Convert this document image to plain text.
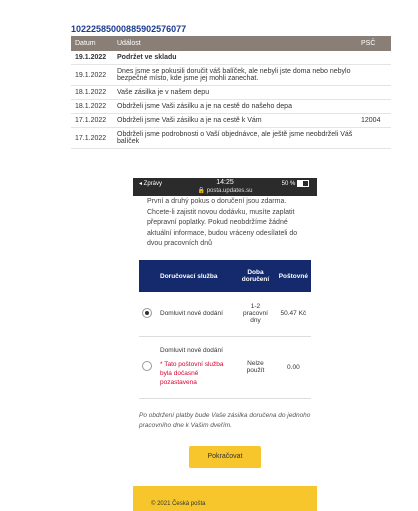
10222585000885902576077
Datum	Událost	PSČ
19.1.2022	Podržet ve skladu	
19.1.2022	Dnes jsme se pokusili doručit váš balíček, ale nebyli jste doma nebo nebylo bezpečné místo, kde jsme jej mohli zanechat.	
18.1.2022	Vaše zásilka je v našem depu	
18.1.2022	Obdrželi jsme Vaši zásilku a je na cestě do našeho depa	
17.1.2022	Obdrželi jsme Vaši zásilku a je na cestě k Vám	12004
17.1.2022	Obdrželi jsme podrobnosti o Vaší objednávce, ale ještě jsme neobdrželi Váš balíček	
◂ Zprávy	14:25
🔒 posta.updates.su
50 %
První a druhý pokus o doručení jsou zdarma. Chcete-li zajistit novou dodávku, musíte zaplatit přepravní poplatky. Pokud neobdržíme žádné aktuální informace, budou vráceny odesílateli do dvou pracovních dnů
	Doručovací služba	Doba doručení	Poštovné
	Domluvit nové dodání	1-2 pracovní dny	50.47 Kč
	Domluvit nové dodání
* Tato poštovní služba byla dočasně pozastavena	Nelze použít	0.00
Po obdržení platby bude Vaše zásilka doručena do jednoho pracovního dne k Vašim dveřím.
Pokračovat
© 2021 Česká pošta
